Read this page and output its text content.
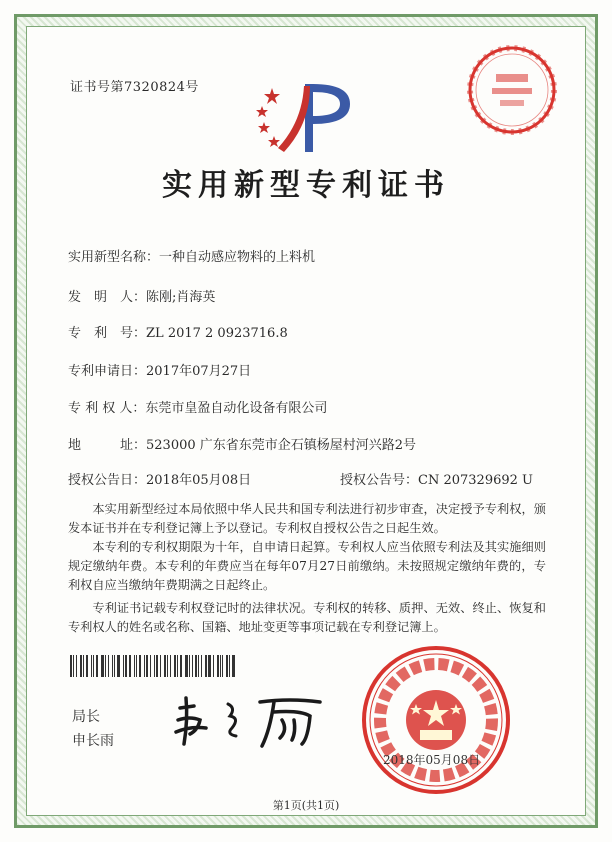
证书号第7320824号
实用新型专利证书
实用新型名称：一种自动感应物料的上料机
发　明　人：陈刚;肖海英
专　利　号：ZL 2017 2 0923716.8
专利申请日：2017年07月27日
专 利 权 人：东莞市皇盈自动化设备有限公司
地　　　址：523000 广东省东莞市企石镇杨屋村河兴路2号
授权公告日：2018年05月08日	授权公告号：CN 207329692 U

本实用新型经过本局依照中华人民共和国专利法进行初步审查，决定授予专利权，颁发本证书并在专利登记簿上予以登记。专利权自授权公告之日起生效。

本专利的专利权期限为十年，自申请日起算。专利权人应当依照专利法及其实施细则规定缴纳年费。本专利的年费应当在每年07月27日前缴纳。未按照规定缴纳年费的，专利权自应当缴纳年费期满之日起终止。

专利证书记载专利权登记时的法律状况。专利权的转移、质押、无效、终止、恢复和专利权人的姓名或名称、国籍、地址变更等事项记载在专利登记簿上。

局长
申长雨
2018年05月08日
第1页(共1页)
